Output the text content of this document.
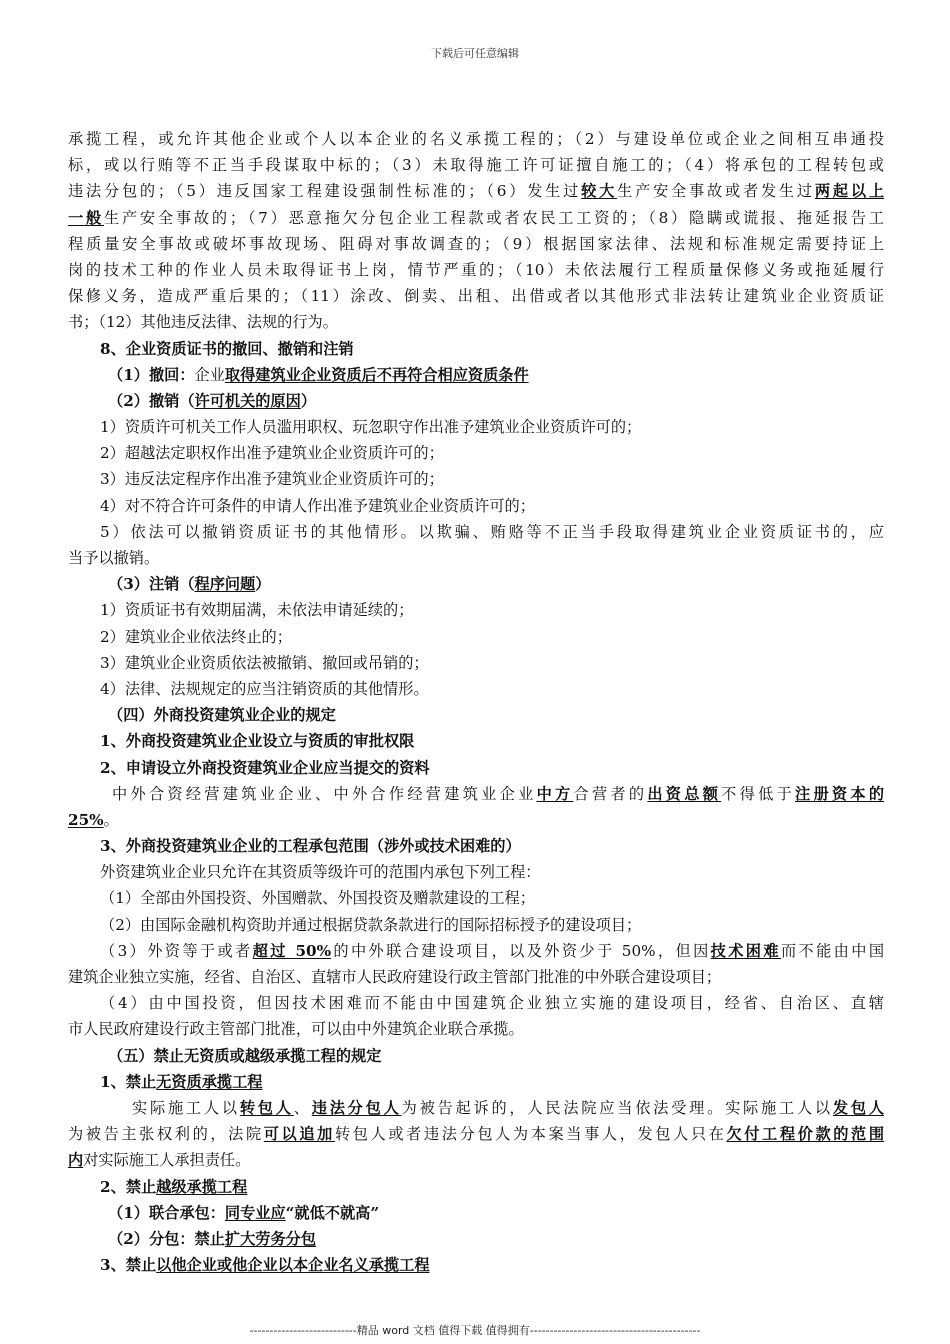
下载后可任意编辑
承揽工程，或允许其他企业或个人以本企业的名义承揽工程的；（2）与建设单位或企业之间相互串通投
标，或以行贿等不正当手段谋取中标的；（3）未取得施工许可证擅自施工的；（4）将承包的工程转包或
违法分包的；（5）违反国家工程建设强制性标准的；（6）发生过较大生产安全事故或者发生过两起以上
一般生产安全事故的；（7）恶意拖欠分包企业工程款或者农民工工资的；（8）隐瞒或谎报、拖延报告工
程质量安全事故或破坏事故现场、阻碍对事故调查的；（9）根据国家法律、法规和标准规定需要持证上
岗的技术工种的作业人员未取得证书上岗，情节严重的；（10）未依法履行工程质量保修义务或拖延履行
保修义务，造成严重后果的；（11）涂改、倒卖、出租、出借或者以其他形式非法转让建筑业企业资质证
书；（12）其他违反法律、法规的行为。
8、企业资质证书的撤回、撤销和注销
（1）撤回：企业取得建筑业企业资质后不再符合相应资质条件
（2）撤销（许可机关的原因）
1）资质许可机关工作人员滥用职权、玩忽职守作出准予建筑业企业资质许可的；
2）超越法定职权作出准予建筑业企业资质许可的；
3）违反法定程序作出准予建筑业企业资质许可的；
4）对不符合许可条件的申请人作出准予建筑业企业资质许可的；
5）依法可以撤销资质证书的其他情形。以欺骗、贿赂等不正当手段取得建筑业企业资质证书的，应
当予以撤销。
（3）注销（程序问题）
1）资质证书有效期届满，未依法申请延续的；
2）建筑业企业依法终止的；
3）建筑业企业资质依法被撤销、撤回或吊销的；
4）法律、法规规定的应当注销资质的其他情形。
（四）外商投资建筑业企业的规定
1、外商投资建筑业企业设立与资质的审批权限
2、申请设立外商投资建筑业企业应当提交的资料
中外合资经营建筑业企业、中外合作经营建筑业企业中方合营者的出资总额不得低于注册资本的
25%。
3、外商投资建筑业企业的工程承包范围（涉外或技术困难的）
外资建筑业企业只允许在其资质等级许可的范围内承包下列工程：
（1）全部由外国投资、外国赠款、外国投资及赠款建设的工程；
（2）由国际金融机构资助并通过根据贷款条款进行的国际招标授予的建设项目；
（3）外资等于或者超过 50%的中外联合建设项目，以及外资少于 50%，但因技术困难而不能由中国
建筑企业独立实施，经省、自治区、直辖市人民政府建设行政主管部门批准的中外联合建设项目；
（4）由中国投资，但因技术困难而不能由中国建筑企业独立实施的建设项目，经省、自治区、直辖
市人民政府建设行政主管部门批准，可以由中外建筑企业联合承揽。
（五）禁止无资质或越级承揽工程的规定
1、禁止无资质承揽工程
实际施工人以转包人、违法分包人为被告起诉的，人民法院应当依法受理。实际施工人以发包人
为被告主张权利的，法院可以追加转包人或者违法分包人为本案当事人，发包人只在欠付工程价款的范围
内对实际施工人承担责任。
2、禁止越级承揽工程
（1）联合承包：同专业应“就低不就高”
（2）分包：禁止扩大劳务分包
3、禁止以他企业或他企业以本企业名义承揽工程
---------------------------精品 word 文档 值得下载 值得拥有-------------------------------------------
